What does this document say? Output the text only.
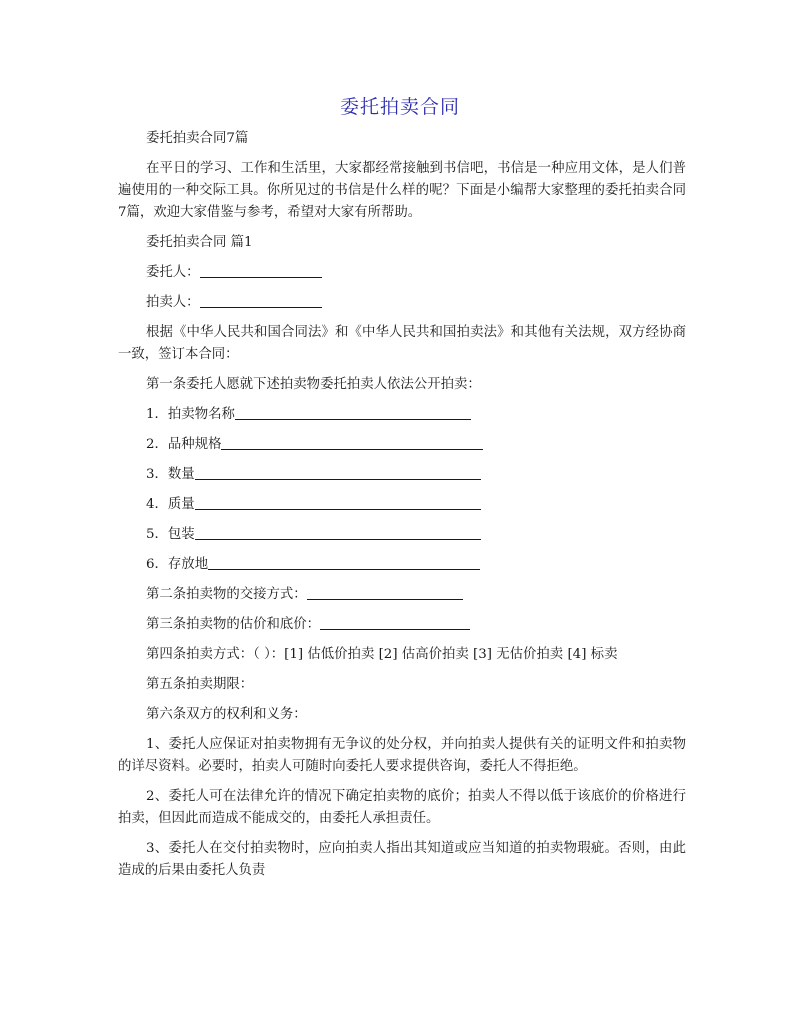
委托拍卖合同

委托拍卖合同7篇

在平日的学习、工作和生活里，大家都经常接触到书信吧，书信是一种应用文体，是人们普遍使用的一种交际工具。你所见过的书信是什么样的呢？下面是小编帮大家整理的委托拍卖合同7篇，欢迎大家借鉴与参考，希望对大家有所帮助。

委托拍卖合同 篇1

委托人：

拍卖人：

根据《中华人民共和国合同法》和《中华人民共和国拍卖法》和其他有关法规，双方经协商一致，签订本合同：

第一条委托人愿就下述拍卖物委托拍卖人依法公开拍卖：

1．拍卖物名称

2．品种规格

3．数量

4．质量

5．包装

6．存放地

第二条拍卖物的交接方式：

第三条拍卖物的估价和底价：

第四条拍卖方式：（ ）：[1] 估低价拍卖 [2] 估高价拍卖 [3] 无估价拍卖 [4] 标卖

第五条拍卖期限：

第六条双方的权利和义务：

1、委托人应保证对拍卖物拥有无争议的处分权，并向拍卖人提供有关的证明文件和拍卖物的详尽资料。必要时，拍卖人可随时向委托人要求提供咨询，委托人不得拒绝。

2、委托人可在法律允许的情况下确定拍卖物的底价；拍卖人不得以低于该底价的价格进行拍卖，但因此而造成不能成交的，由委托人承担责任。

3、委托人在交付拍卖物时，应向拍卖人指出其知道或应当知道的拍卖物瑕疵。否则，由此造成的后果由委托人负责
